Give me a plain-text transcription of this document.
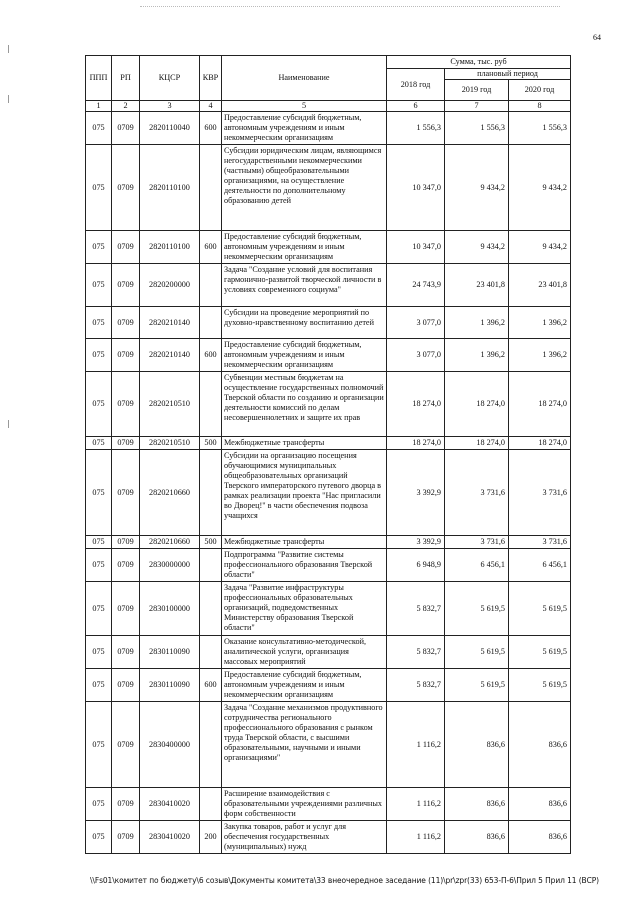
64
ППП	РП	КЦСР	КВР	Наименование	Сумма, тыс. руб		
					2018 год	плановый период	
						2019 год	2020 год
1	2	3	4	5	6	7	8
075	0709	2820110040	600	Предоставление субсидий бюджетным, автономным учреждениям и иным некоммерческим организациям	1 556,3	1 556,3	1 556,3
075	0709	2820110100		Субсидии юридическим лицам, являющимся негосударственными некоммерческими (частными) общеобразовательными организациями, на осуществление деятельности по дополнительному образованию детей	10 347,0	9 434,2	9 434,2
075	0709	2820110100	600	Предоставление субсидий бюджетным, автономным учреждениям и иным некоммерческим организациям	10 347,0	9 434,2	9 434,2
075	0709	2820200000		Задача "Создание условий для воспитания гармонично-развитой творческой личности в условиях современного социума"	24 743,9	23 401,8	23 401,8
075	0709	2820210140		Субсидии на проведение мероприятий по духовно-нравственному воспитанию детей	3 077,0	1 396,2	1 396,2
075	0709	2820210140	600	Предоставление субсидий бюджетным, автономным учреждениям и иным некоммерческим организациям	3 077,0	1 396,2	1 396,2
075	0709	2820210510		Субвенции местным бюджетам на осуществление государственных полномочий Тверской области по созданию и организации деятельности комиссий по делам несовершеннолетних и защите их прав	18 274,0	18 274,0	18 274,0
075	0709	2820210510	500	Межбюджетные трансферты	18 274,0	18 274,0	18 274,0
075	0709	2820210660		Субсидии на организацию посещения обучающимися муниципальных общеобразовательных организаций Тверского императорского путевого дворца в рамках реализации проекта "Нас пригласили во Дворец!" в части обеспечения подвоза учащихся	3 392,9	3 731,6	3 731,6
075	0709	2820210660	500	Межбюджетные трансферты	3 392,9	3 731,6	3 731,6
075	0709	2830000000		Подпрограмма "Развитие системы профессионального образования Тверской области"	6 948,9	6 456,1	6 456,1
075	0709	2830100000		Задача "Развитие инфраструктуры профессиональных образовательных организаций, подведомственных Министерству образования Тверской области"	5 832,7	5 619,5	5 619,5
075	0709	2830110090		Оказание консультативно-методической, аналитической услуги, организация массовых мероприятий	5 832,7	5 619,5	5 619,5
075	0709	2830110090	600	Предоставление субсидий бюджетным, автономным учреждениям и иным некоммерческим организациям	5 832,7	5 619,5	5 619,5
075	0709	2830400000		Задача "Создание механизмов продуктивного сотрудничества регионального профессионального образования с рынком труда Тверской области, с высшими образовательными, научными и иными организациями"	1 116,2	836,6	836,6
075	0709	2830410020		Расширение взаимодействия с образовательными учреждениями различных форм собственности	1 116,2	836,6	836,6
075	0709	2830410020	200	Закупка товаров, работ и услуг для обеспечения государственных (муниципальных) нужд	1 116,2	836,6	836,6
\\Fs01\комитет по бюджету\6 созыв\Документы комитета\33 внеочередное заседание (11)\pr\zpr(33) 653-П-6\Прил 5 Прил 11 (ВСР)
